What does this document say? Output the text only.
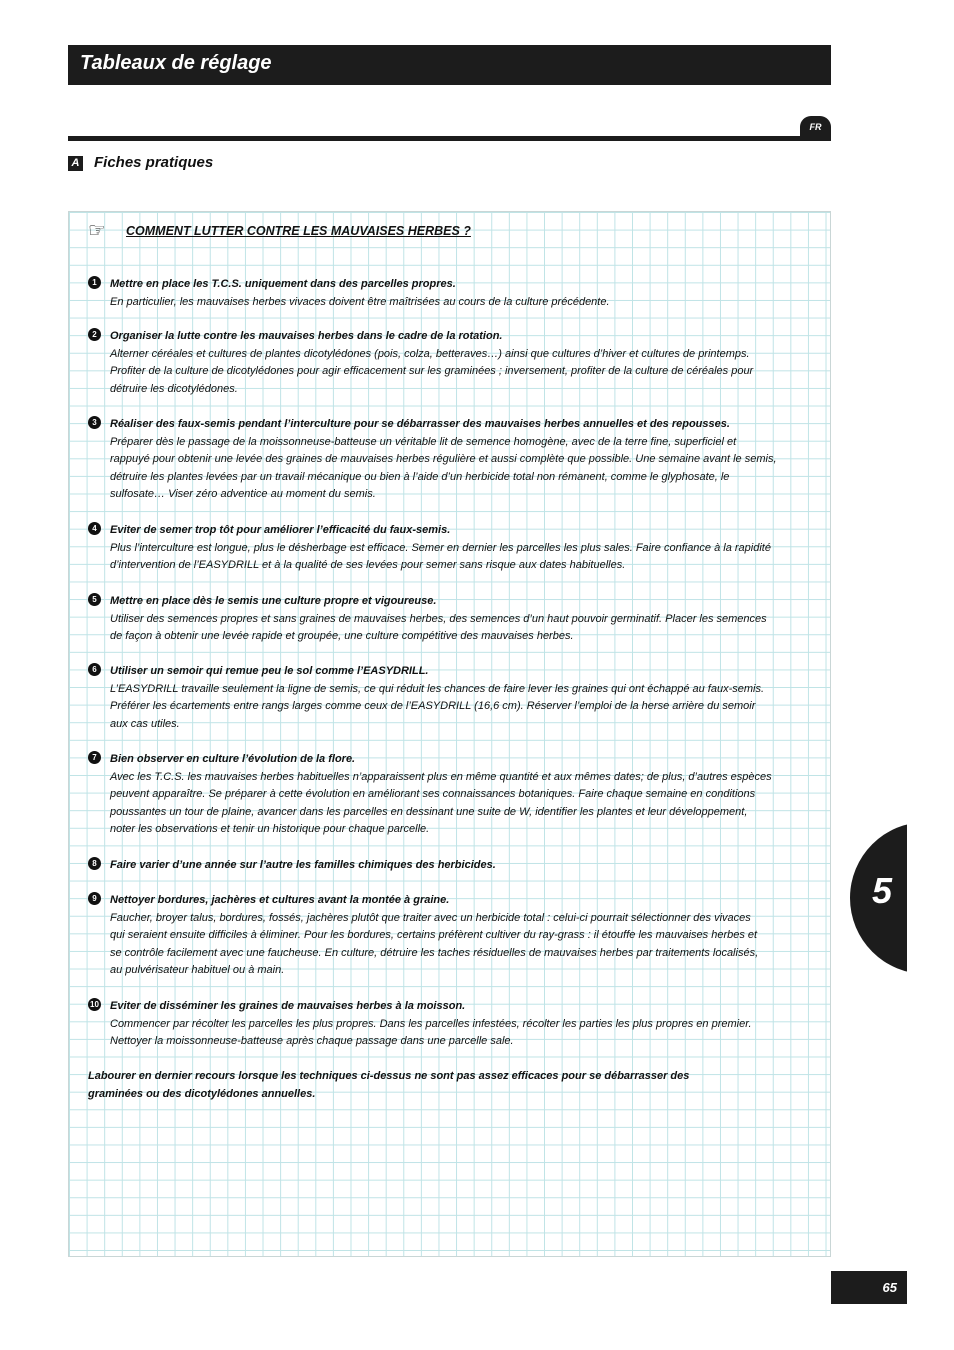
Tableaux de réglage
FR
A Fiches pratiques
☞	COMMENT LUTTER CONTRE LES MAUVAISES HERBES ?
1	Mettre en place les T.C.S. uniquement dans des parcelles propres.
En particulier, les mauvaises herbes vivaces doivent être maîtrisées au cours de la culture précédente.
2	Organiser la lutte contre les mauvaises herbes dans le cadre de la rotation.
Alterner céréales et cultures de plantes dicotylédones (pois, colza, betteraves…) ainsi que cultures d’hiver et cultures de printemps.
Profiter de la culture de dicotylédones pour agir efficacement sur les graminées ; inversement, profiter de la culture de céréales pour
détruire les dicotylédones.
3	Réaliser des faux-semis pendant l’interculture pour se débarrasser des mauvaises herbes annuelles et des repousses.
Préparer dès le passage de la moissonneuse-batteuse un véritable lit de semence homogène, avec de la terre fine, superficiel et
rappuyé pour obtenir une levée des graines de mauvaises herbes régulière et aussi complète que possible. Une semaine avant le semis,
détruire les plantes levées par un travail mécanique ou bien à l’aide d’un herbicide total non rémanent, comme le glyphosate, le
sulfosate… Viser zéro adventice au moment du semis.
4	Eviter de semer trop tôt pour améliorer l’efficacité du faux-semis.
Plus l’interculture est longue, plus le désherbage est efficace. Semer en dernier les parcelles les plus sales. Faire confiance à la rapidité
d’intervention de l’EASYDRILL et à la qualité de ses levées pour semer sans risque aux dates habituelles.
5	Mettre en place dès le semis une culture propre et vigoureuse.
Utiliser des semences propres et sans graines de mauvaises herbes, des semences d’un haut pouvoir germinatif. Placer les semences
de façon à obtenir une levée rapide et groupée, une culture compétitive des mauvaises herbes.
6	Utiliser un semoir qui remue peu le sol comme l’EASYDRILL.
L’EASYDRILL travaille seulement la ligne de semis, ce qui réduit les chances de faire lever les graines qui ont échappé au faux-semis.
Préférer les écartements entre rangs larges comme ceux de l’EASYDRILL (16,6 cm). Réserver l’emploi de la herse arrière du semoir
aux cas utiles.
7	Bien observer en culture l’évolution de la flore.
Avec les T.C.S. les mauvaises herbes habituelles n’apparaissent plus en même quantité et aux mêmes dates; de plus, d’autres espèces
peuvent apparaître. Se préparer à cette évolution en améliorant ses connaissances botaniques. Faire chaque semaine en conditions
poussantes un tour de plaine, avancer dans les parcelles en dessinant une suite de W, identifier les plantes et leur développement,
noter les observations et tenir un historique pour chaque parcelle.
8	Faire varier d’une année sur l’autre les familles chimiques des herbicides.
9	Nettoyer bordures, jachères et cultures avant la montée à graine.
Faucher, broyer talus, bordures, fossés, jachères plutôt que traiter avec un herbicide total : celui-ci pourrait sélectionner des vivaces
qui seraient ensuite difficiles à éliminer. Pour les bordures, certains préfèrent cultiver du ray-grass : il étouffe les mauvaises herbes et
se contrôle facilement avec une faucheuse. En culture, détruire les taches résiduelles de mauvaises herbes par traitements localisés,
au pulvérisateur habituel ou à main.
10 Eviter de disséminer les graines de mauvaises herbes à la moisson.
Commencer par récolter les parcelles les plus propres. Dans les parcelles infestées, récolter les parties les plus propres en premier.
Nettoyer la moissonneuse-batteuse après chaque passage dans une parcelle sale.
Labourer en dernier recours lorsque les techniques ci-dessus ne sont pas assez efficaces pour se débarrasser des
graminées ou des dicotylédones annuelles.
5
65
